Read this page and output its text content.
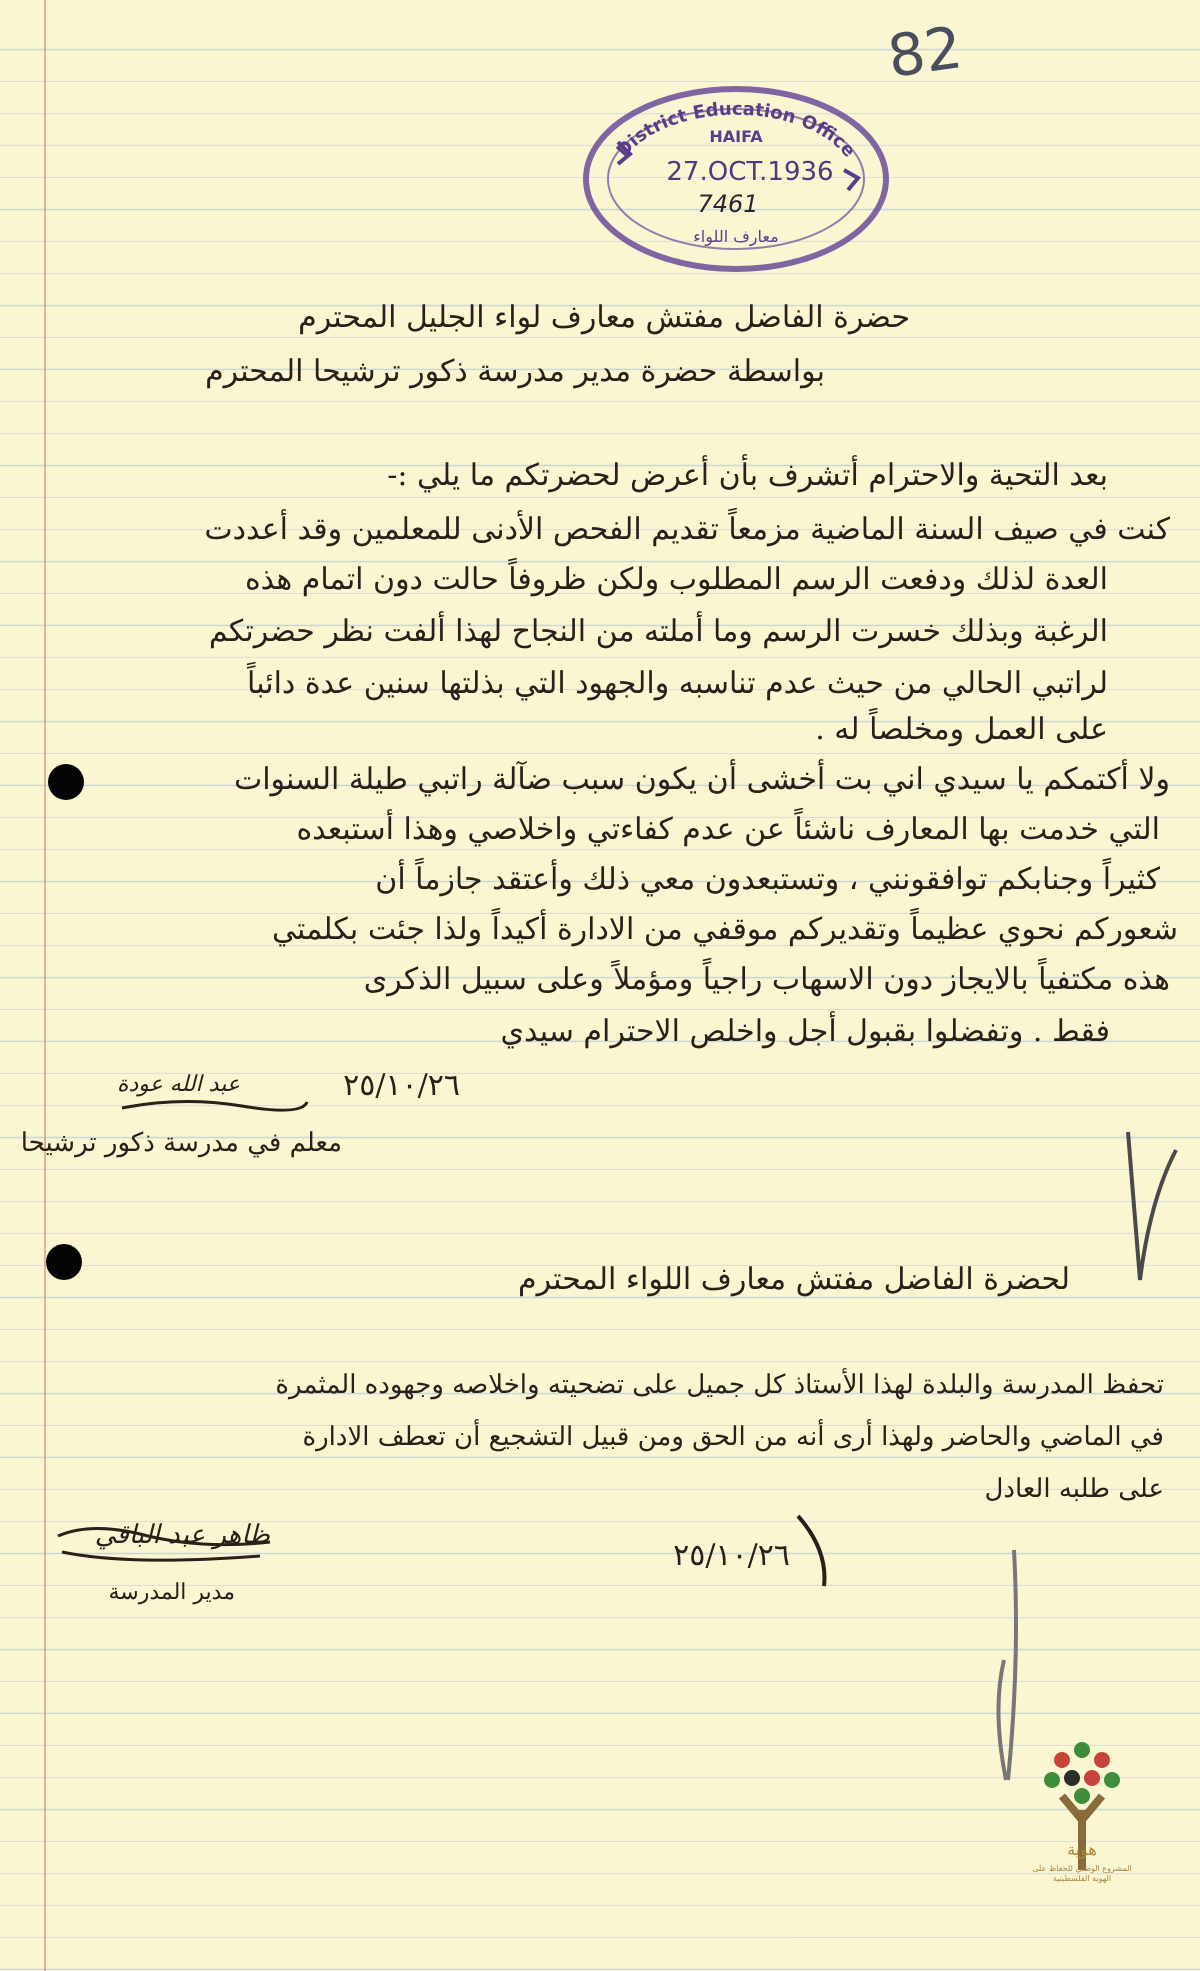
82
District Education Office
HAIFA
27.OCT.1936
7461
معارف اللواء
حضرة الفاضل مفتش معارف لواء الجليل المحترم
بواسطة حضرة مدير مدرسة ذكور ترشيحا المحترم
بعد التحية والاحترام أتشرف بأن أعرض لحضرتكم ما يلي :-
كنت في صيف السنة الماضية مزمعاً تقديم الفحص الأدنى للمعلمين وقد أعددت
العدة لذلك ودفعت الرسم المطلوب ولكن ظروفاً حالت دون اتمام هذه
الرغبة وبذلك خسرت الرسم وما أملته من النجاح لهذا ألفت نظر حضرتكم
لراتبي الحالي من حيث عدم تناسبه والجهود التي بذلتها سنين عدة دائباً
على العمل ومخلصاً له .
ولا أكتمكم يا سيدي اني بت أخشى أن يكون سبب ضآلة راتبي طيلة السنوات
التي خدمت بها المعارف ناشئاً عن عدم كفاءتي واخلاصي وهذا أستبعده
كثيراً وجنابكم توافقونني ، وتستبعدون معي ذلك وأعتقد جازماً أن
شعوركم نحوي عظيماً وتقديركم موقفي من الادارة أكيداً ولذا جئت بكلمتي
هذه مكتفياً بالايجاز دون الاسهاب راجياً ومؤملاً وعلى سبيل الذكرى
فقط . وتفضلوا بقبول أجل واخلص الاحترام سيدي
٢٥/١٠/٢٦
عبد الله عودة
معلم في مدرسة ذكور ترشيحا
لحضرة الفاضل مفتش معارف اللواء المحترم
تحفظ المدرسة والبلدة لهذا الأستاذ كل جميل على تضحيته واخلاصه وجهوده المثمرة
في الماضي والحاضر ولهذا أرى أنه من الحق ومن قبيل التشجيع أن تعطف الادارة
على طلبه العادل
ظاهر عبد الباقي
مدير المدرسة
٢٥/١٠/٢٦
هوية
المشروع الوطني للحفاظ على الهوية الفلسطينية
